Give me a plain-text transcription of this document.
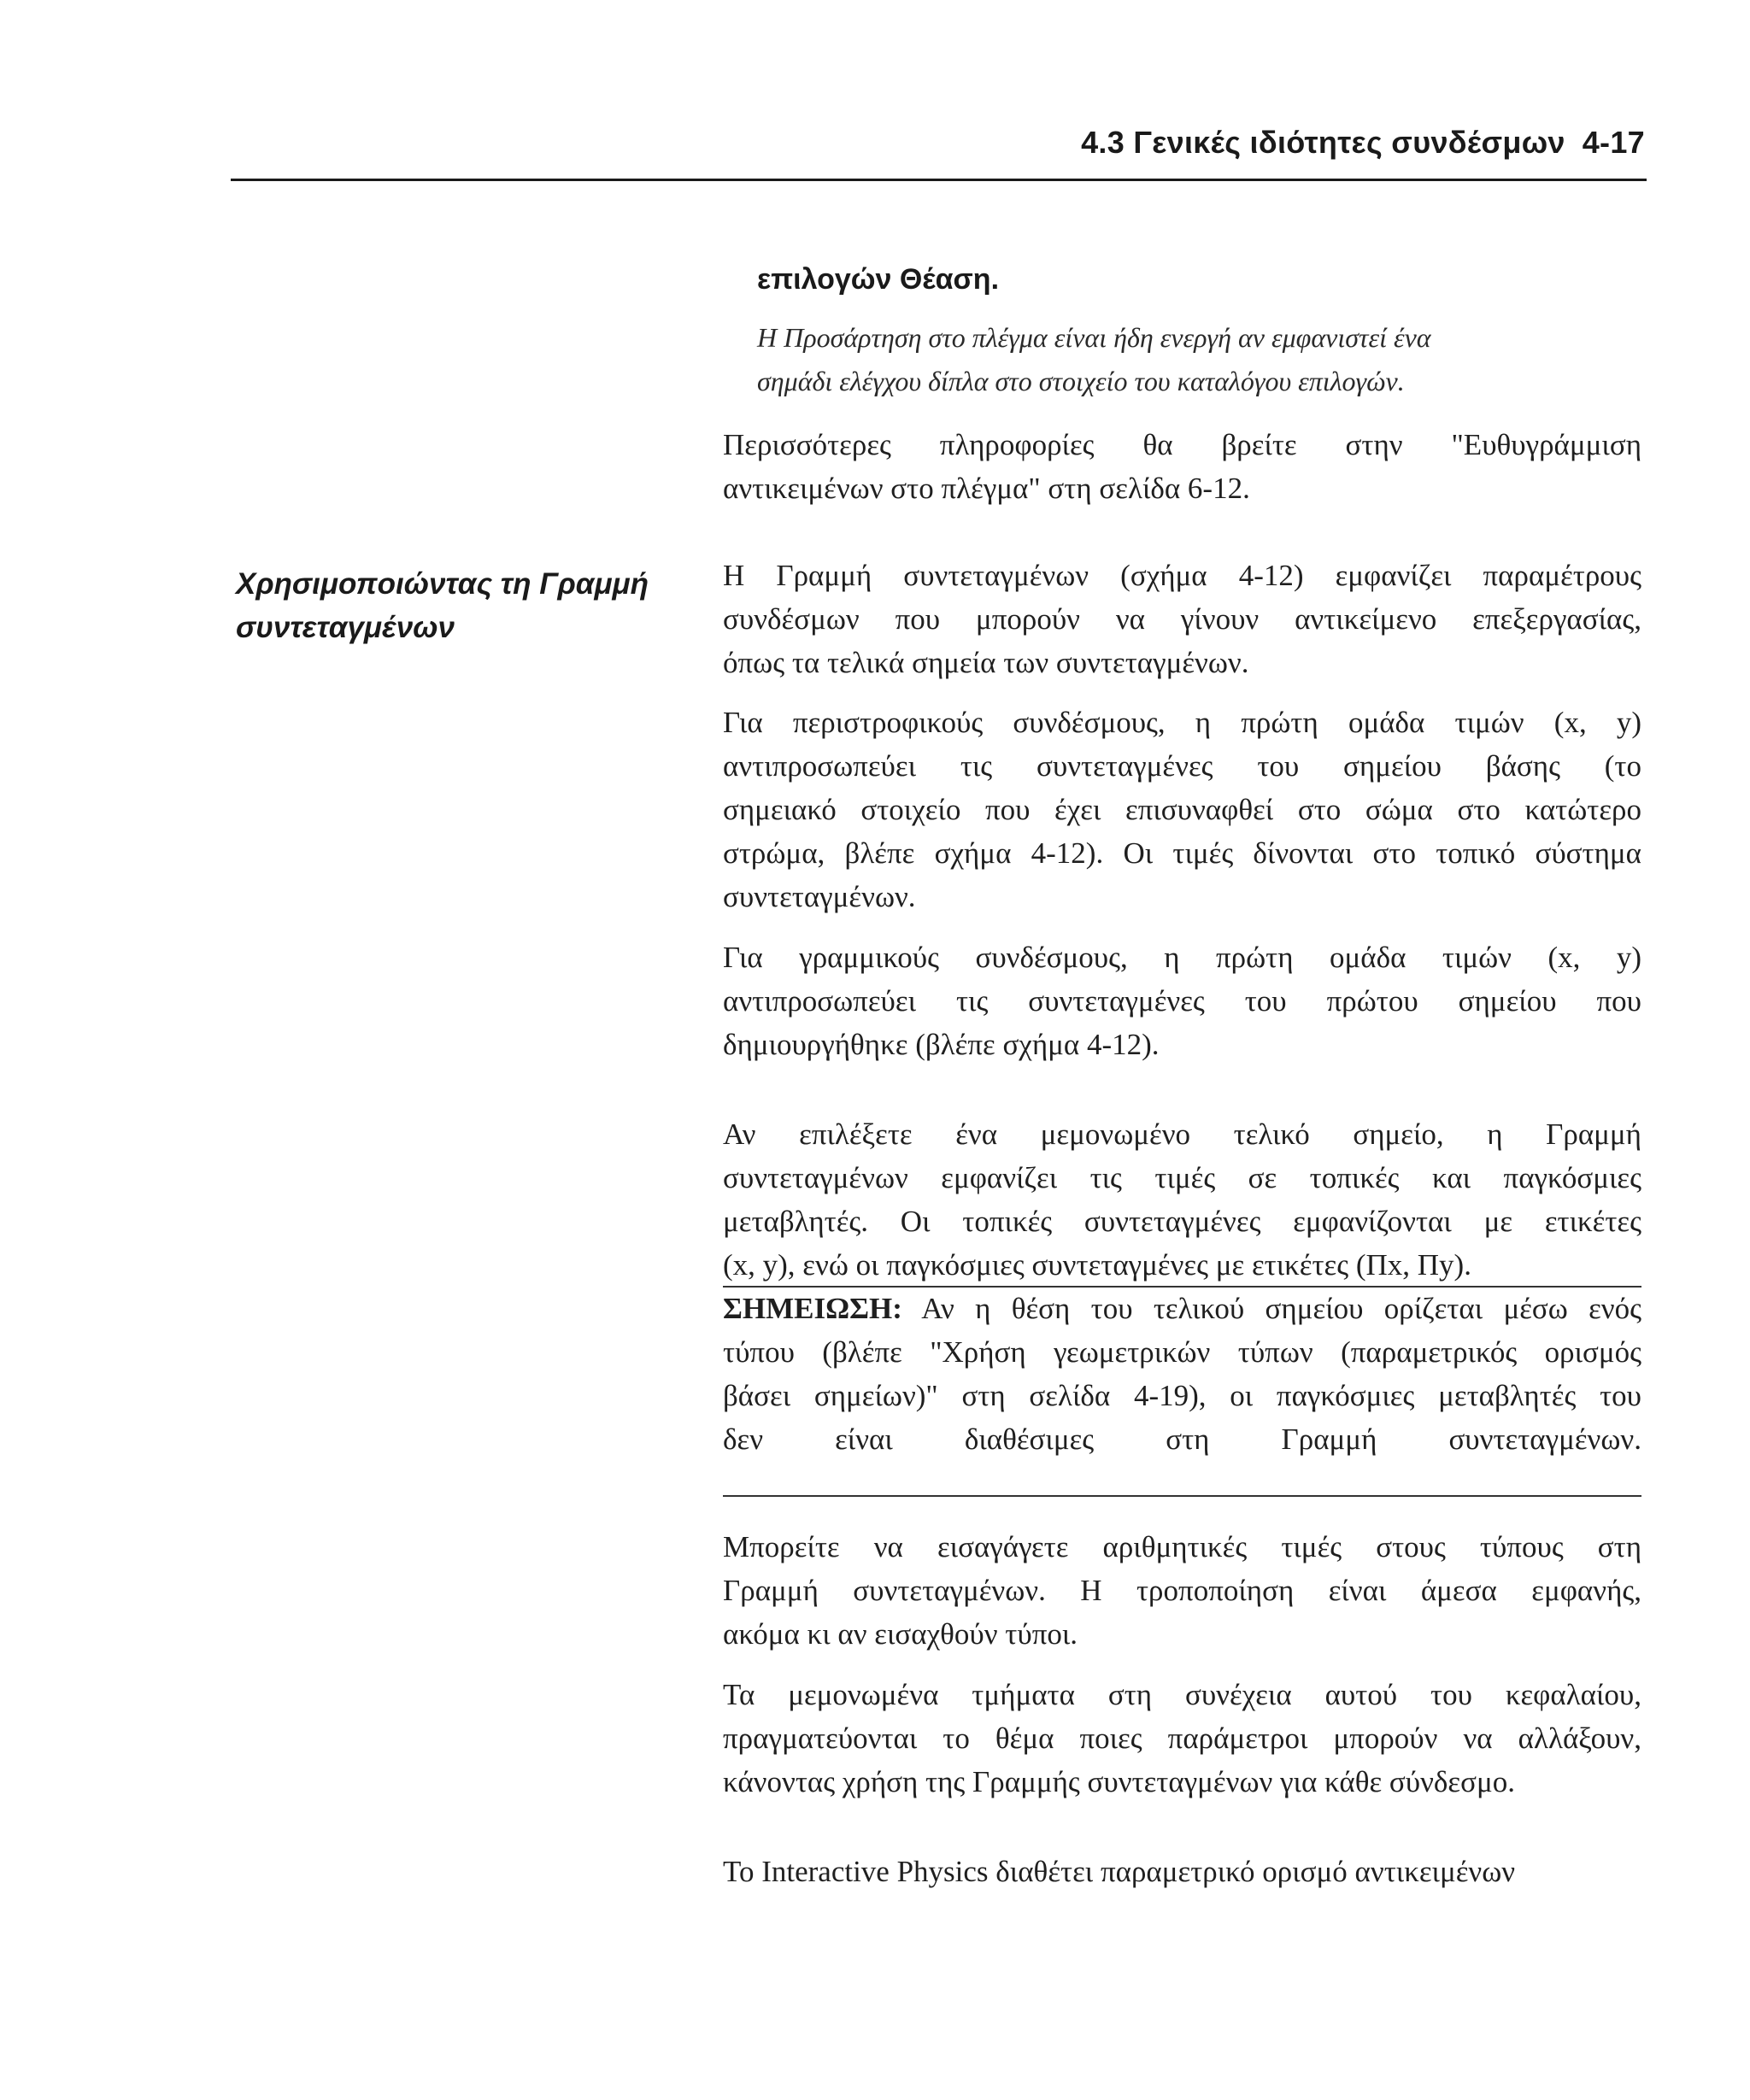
4.3 Γενικές ιδιότητες συνδέσμων 4-17
επιλογών Θέαση.

Η Προσάρτηση στο πλέγμα είναι ήδη ενεργή αν εμφανιστεί ένα

σημάδι ελέγχου δίπλα στο στοιχείο του καταλόγου επιλογών.

Περισσότερες πληροφορίες θα βρείτε στην "Ευθυγράμμιση

αντικειμένων στο πλέγμα" στη σελίδα 6-12.

Χρησιμοποιώντας τη Γραμμή

συντεταγμένων

Η Γραμμή συντεταγμένων (σχήμα 4-12) εμφανίζει παραμέτρους

συνδέσμων που μπορούν να γίνουν αντικείμενο επεξεργασίας,

όπως τα τελικά σημεία των συντεταγμένων.

Για περιστροφικούς συνδέσμους, η πρώτη ομάδα τιμών (x, y)

αντιπροσωπεύει τις συντεταγμένες του σημείου βάσης (το

σημειακό στοιχείο που έχει επισυναφθεί στο σώμα στο κατώτερο

στρώμα, βλέπε σχήμα 4-12). Οι τιμές δίνονται στο τοπικό σύστημα

συντεταγμένων.

Για γραμμικούς συνδέσμους, η πρώτη ομάδα τιμών (x, y)

αντιπροσωπεύει τις συντεταγμένες του πρώτου σημείου που

δημιουργήθηκε (βλέπε σχήμα 4-12).

Αν επιλέξετε ένα μεμονωμένο τελικό σημείο, η Γραμμή

συντεταγμένων εμφανίζει τις τιμές σε τοπικές και παγκόσμιες

μεταβλητές. Οι τοπικές συντεταγμένες εμφανίζονται με ετικέτες

(x, y), ενώ οι παγκόσμιες συντεταγμένες με ετικέτες (Πx, Πy).

ΣΗΜΕΙΩΣΗ: Αν η θέση του τελικού σημείου ορίζεται μέσω ενός

τύπου (βλέπε "Χρήση γεωμετρικών τύπων (παραμετρικός ορισμός

βάσει σημείων)" στη σελίδα 4-19), οι παγκόσμιες μεταβλητές του

δεν είναι διαθέσιμες στη Γραμμή συντεταγμένων.

Μπορείτε να εισαγάγετε αριθμητικές τιμές στους τύπους στη

Γραμμή συντεταγμένων. Η τροποποίηση είναι άμεσα εμφανής,

ακόμα κι αν εισαχθούν τύποι.

Τα μεμονωμένα τμήματα στη συνέχεια αυτού του κεφαλαίου,

πραγματεύονται το θέμα ποιες παράμετροι μπορούν να αλλάξουν,

κάνοντας χρήση της Γραμμής συντεταγμένων για κάθε σύνδεσμο.

Το Interactive Physics διαθέτει παραμετρικό ορισμό αντικειμένων
